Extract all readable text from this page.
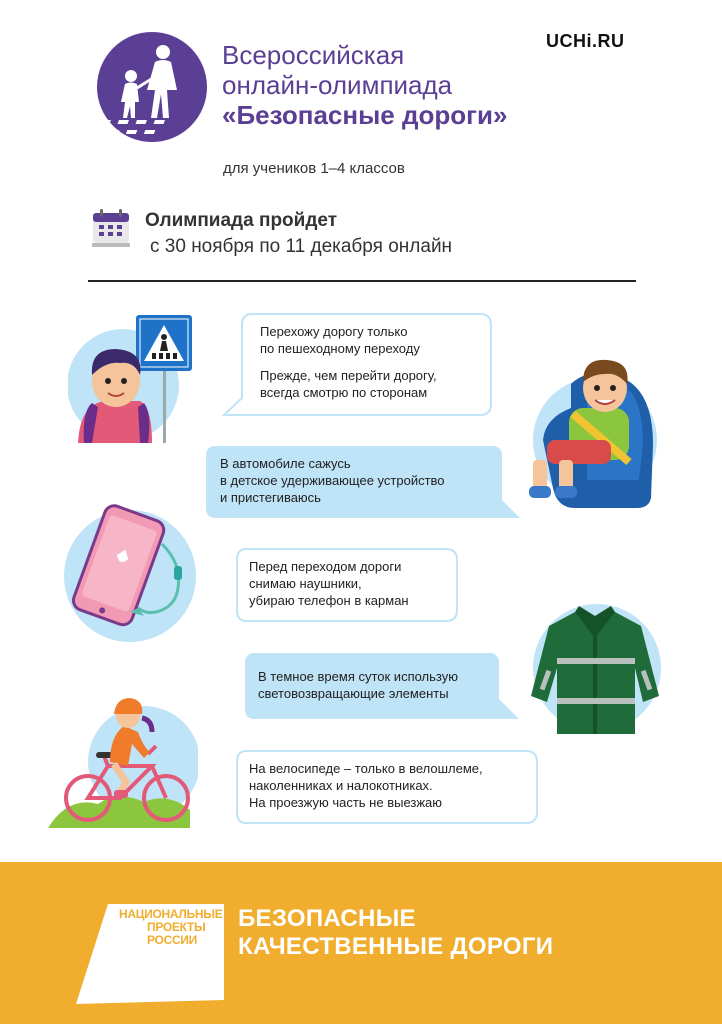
Всероссийская
онлайн-олимпиада
«Безопасные дороги»
UCHi.RU
для учеников 1–4 классов
Олимпиада пройдет
с 30 ноября по 11 декабря онлайн

Перехожу дорогу только
по пешеходному переходу

Прежде, чем перейти дорогу,
всегда смотрю по сторонам

В автомобиле сажусь
в детское удерживающее устройство
и пристегиваюсь
Перед переходом дороги
снимаю наушники,
убираю телефон в карман
В темное время суток использую
световозвращающие элементы
На велосипеде – только в велошлеме,
наколенниках и налокотниках.
На проезжую часть не выезжаю
НАЦИОНАЛЬНЫЕ
ПРОЕКТЫ
РОССИИ
БЕЗОПАСНЫЕ
КАЧЕСТВЕННЫЕ ДОРОГИ
